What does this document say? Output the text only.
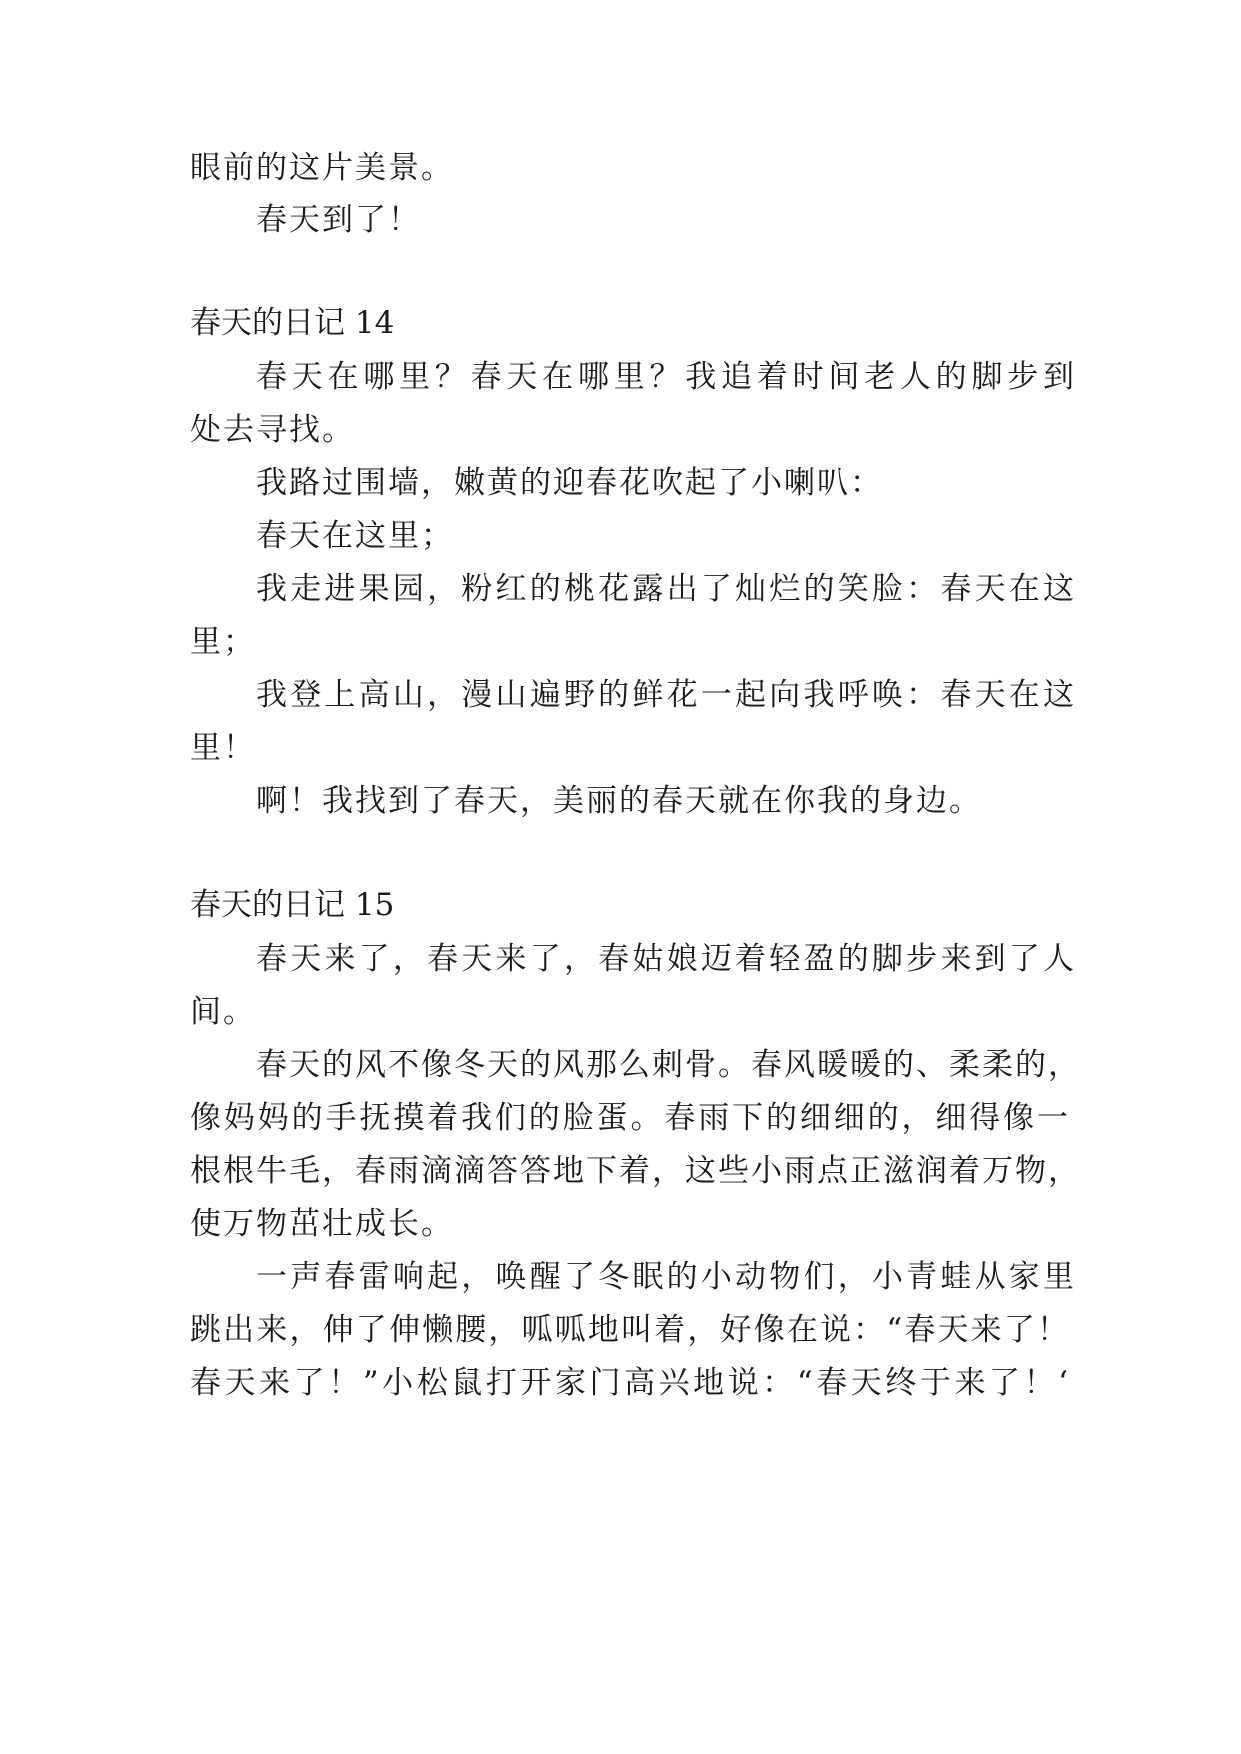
眼前的这片美景。
春天到了！
春天的日记 14
春天在哪里？春天在哪里？我追着时间老人的脚步到
处去寻找。
我路过围墙，嫩黄的迎春花吹起了小喇叭：
春天在这里；
我走进果园，粉红的桃花露出了灿烂的笑脸：春天在这
里；
我登上高山，漫山遍野的鲜花一起向我呼唤：春天在这
里！
啊！我找到了春天，美丽的春天就在你我的身边。
春天的日记 15
春天来了，春天来了，春姑娘迈着轻盈的脚步来到了人
间。
春天的风不像冬天的风那么刺骨。春风暖暖的、柔柔的，
像妈妈的手抚摸着我们的脸蛋。春雨下的细细的，细得像一
根根牛毛，春雨滴滴答答地下着，这些小雨点正滋润着万物，
使万物茁壮成长。
一声春雷响起，唤醒了冬眠的小动物们，小青蛙从家里
跳出来，伸了伸懒腰，呱呱地叫着，好像在说：“春天来了！
春天来了！”小松鼠打开家门高兴地说：“春天终于来了！‘
